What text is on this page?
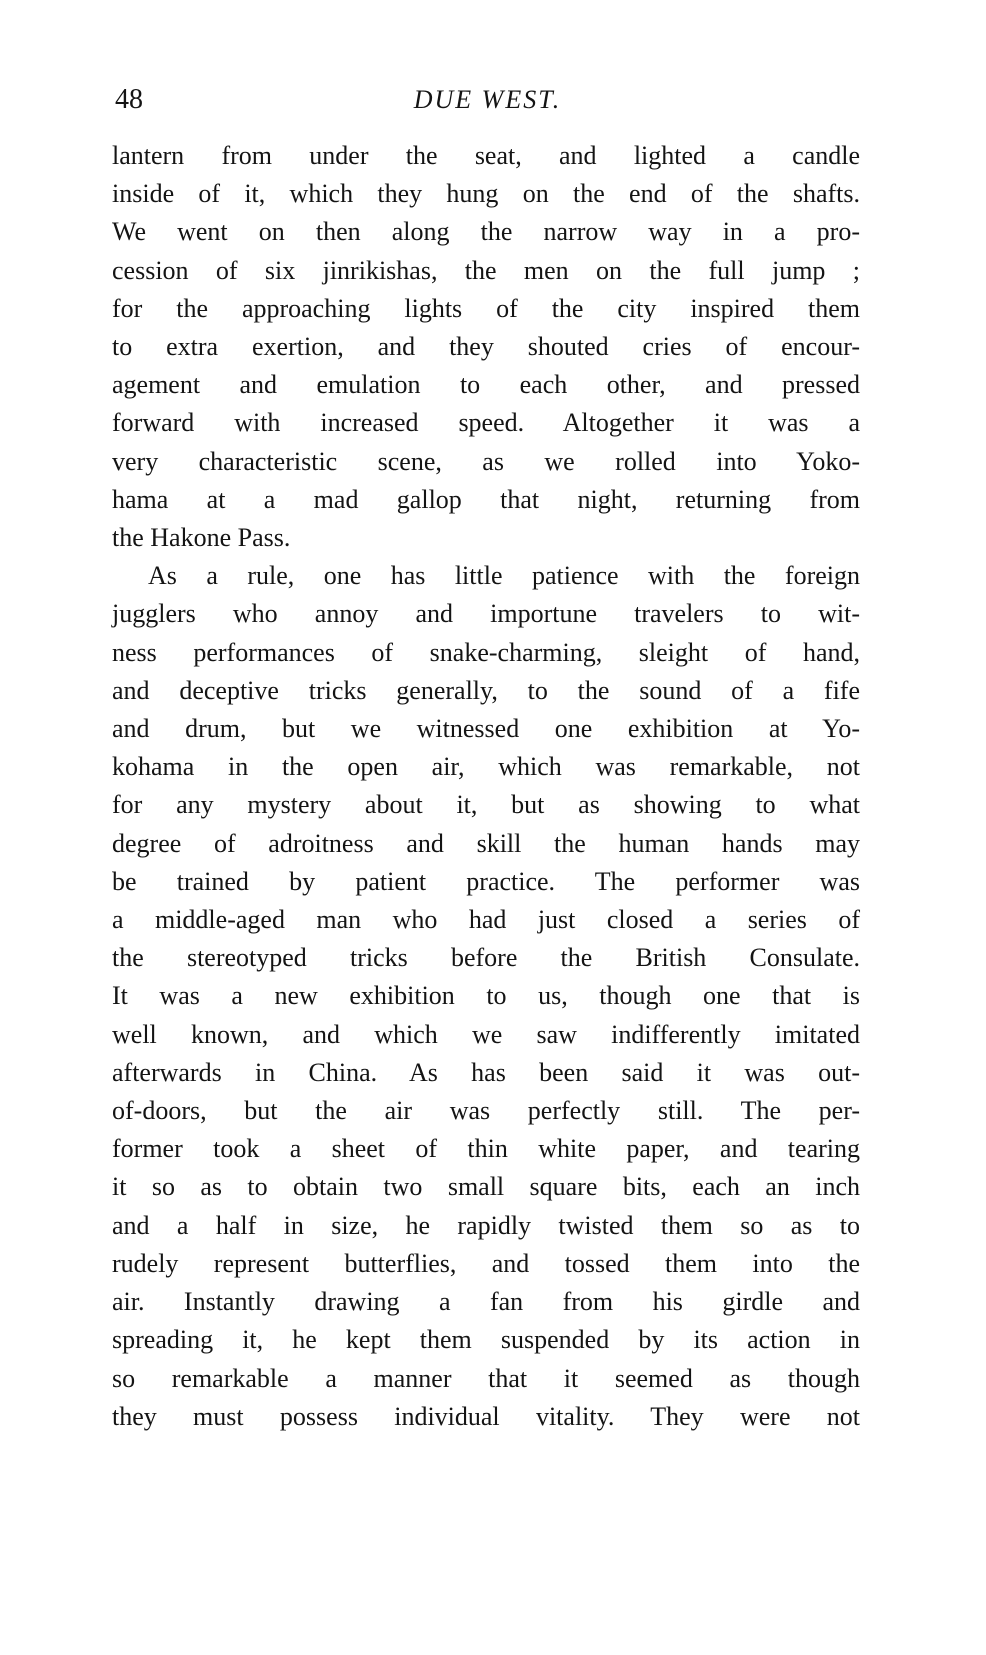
48	DUE WEST.
lantern from under the seat, and lighted a candle
inside of it, which they hung on the end of the shafts.
We went on then along the narrow way in a pro-
cession of six jinrikishas, the men on the full jump ;
for the approaching lights of the city inspired them
to extra exertion, and they shouted cries of encour-
agement and emulation to each other, and pressed
forward with increased speed. Altogether it was a
very characteristic scene, as we rolled into Yoko-
hama at a mad gallop that night, returning from
the Hakone Pass.
As a rule, one has little patience with the foreign
jugglers who annoy and importune travelers to wit-
ness performances of snake-charming, sleight of hand,
and deceptive tricks generally, to the sound of a fife
and drum, but we witnessed one exhibition at Yo-
kohama in the open air, which was remarkable, not
for any mystery about it, but as showing to what
degree of adroitness and skill the human hands may
be trained by patient practice. The performer was
a middle-aged man who had just closed a series of
the stereotyped tricks before the British Consulate.
It was a new exhibition to us, though one that is
well known, and which we saw indifferently imitated
afterwards in China. As has been said it was out-
of-doors, but the air was perfectly still. The per-
former took a sheet of thin white paper, and tearing
it so as to obtain two small square bits, each an inch
and a half in size, he rapidly twisted them so as to
rudely represent butterflies, and tossed them into the
air. Instantly drawing a fan from his girdle and
spreading it, he kept them suspended by its action in
so remarkable a manner that it seemed as though
they must possess individual vitality. They were not
